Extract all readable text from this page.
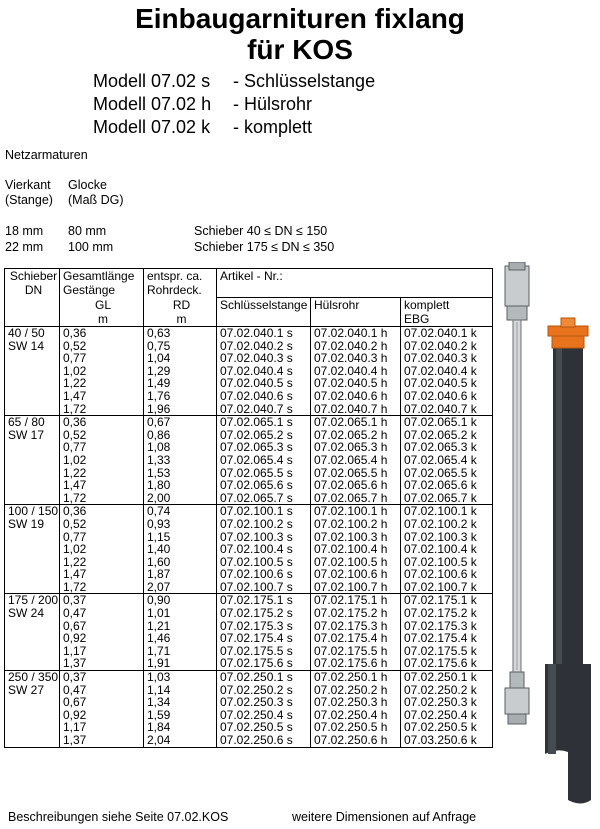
Einbaugarnituren fixlang
für KOS
Modell 07.02 s - Schlüsselstange
Modell 07.02 h - Hülsrohr
Modell 07.02 k - komplett
Netzarmaturen
Vierkant
(Stange)
Glocke
(Maß DG)
18 mm 80 mm	Schieber 40 ≤ DN ≤ 150
22 mm 100 mm	Schieber 175 ≤ DN ≤ 350
Schieber	Gesamtlänge	entspr. ca.	Artikel - Nr.:		
DN	Gestänge	Rohrdeck.			
	GL	RD	Schlüsselstange	Hülsrohr	komplett
	m	m			EBG
40 / 50	0,36	0,63	07.02.040.1 s	07.02.040.1 h	07.02.040.1 k
SW 14	0,52	0,75	07.02.040.2 s	07.02.040.2 h	07.02.040.2 k
	0,77	1,04	07.02.040.3 s	07.02.040.3 h	07.02.040.3 k
	1,02	1,29	07.02.040.4 s	07.02.040.4 h	07.02.040.4 k
	1,22	1,49	07.02.040.5 s	07.02.040.5 h	07.02.040.5 k
	1,47	1,76	07.02.040.6 s	07.02.040.6 h	07.02.040.6 k
	1,72	1,96	07.02.040.7 s	07.02.040.7 h	07.02.040.7 k
65 / 80	0,36	0,67	07.02.065.1 s	07.02.065.1 h	07.02.065.1 k
SW 17	0,52	0,86	07.02.065.2 s	07.02.065.2 h	07.02.065.2 k
	0,77	1,08	07.02.065.3 s	07.02.065.3 h	07.02.065.3 k
	1,02	1,33	07.02.065.4 s	07.02.065.4 h	07.02.065.4 k
	1,22	1,53	07.02.065.5 s	07.02.065.5 h	07.02.065.5 k
	1,47	1,80	07.02.065.6 s	07.02.065.6 h	07.02.065.6 k
	1,72	2,00	07.02.065.7 s	07.02.065.7 h	07.02.065.7 k
100 / 150	0,36	0,74	07.02.100.1 s	07.02.100.1 h	07.02.100.1 k
SW 19	0,52	0,93	07.02.100.2 s	07.02.100.2 h	07.02.100.2 k
	0,77	1,15	07.02.100.3 s	07.02.100.3 h	07.02.100.3 k
	1,02	1,40	07.02.100.4 s	07.02.100.4 h	07.02.100.4 k
	1,22	1,60	07.02.100.5 s	07.02.100.5 h	07.02.100.5 k
	1,47	1,87	07.02.100.6 s	07.02.100.6 h	07.02.100.6 k
	1,72	2,07	07.02.100.7 s	07.02.100.7 h	07.02.100.7 k
175 / 200	0,37	0,90	07.02.175.1 s	07.02.175.1 h	07.02.175.1 k
SW 24	0,47	1,01	07.02.175.2 s	07.02.175.2 h	07.02.175.2 k
	0,67	1,21	07.02.175.3 s	07.02.175.3 h	07.02.175.3 k
	0,92	1,46	07.02.175.4 s	07.02.175.4 h	07.02.175.4 k
	1,17	1,71	07.02.175.5 s	07.02.175.5 h	07.02.175.5 k
	1,37	1,91	07.02.175.6 s	07.02.175.6 h	07.02.175.6 k
250 / 350	0,37	1,03	07.02.250.1 s	07.02.250.1 h	07.02.250.1 k
SW 27	0,47	1,14	07.02.250.2 s	07.02.250.2 h	07.02.250.2 k
	0,67	1,34	07.02.250.3 s	07.02.250.3 h	07.02.250.3 k
	0,92	1,59	07.02.250.4 s	07.02.250.4 h	07.02.250.4 k
	1,17	1,84	07.02.250.5 s	07.02.250.5 h	07.02.250.5 k
	1,37	2,04	07.02.250.6 s	07.02.250.6 h	07.03.250.6 k
Beschreibungen siehe Seite 07.02.KOS	weitere Dimensionen auf Anfrage
